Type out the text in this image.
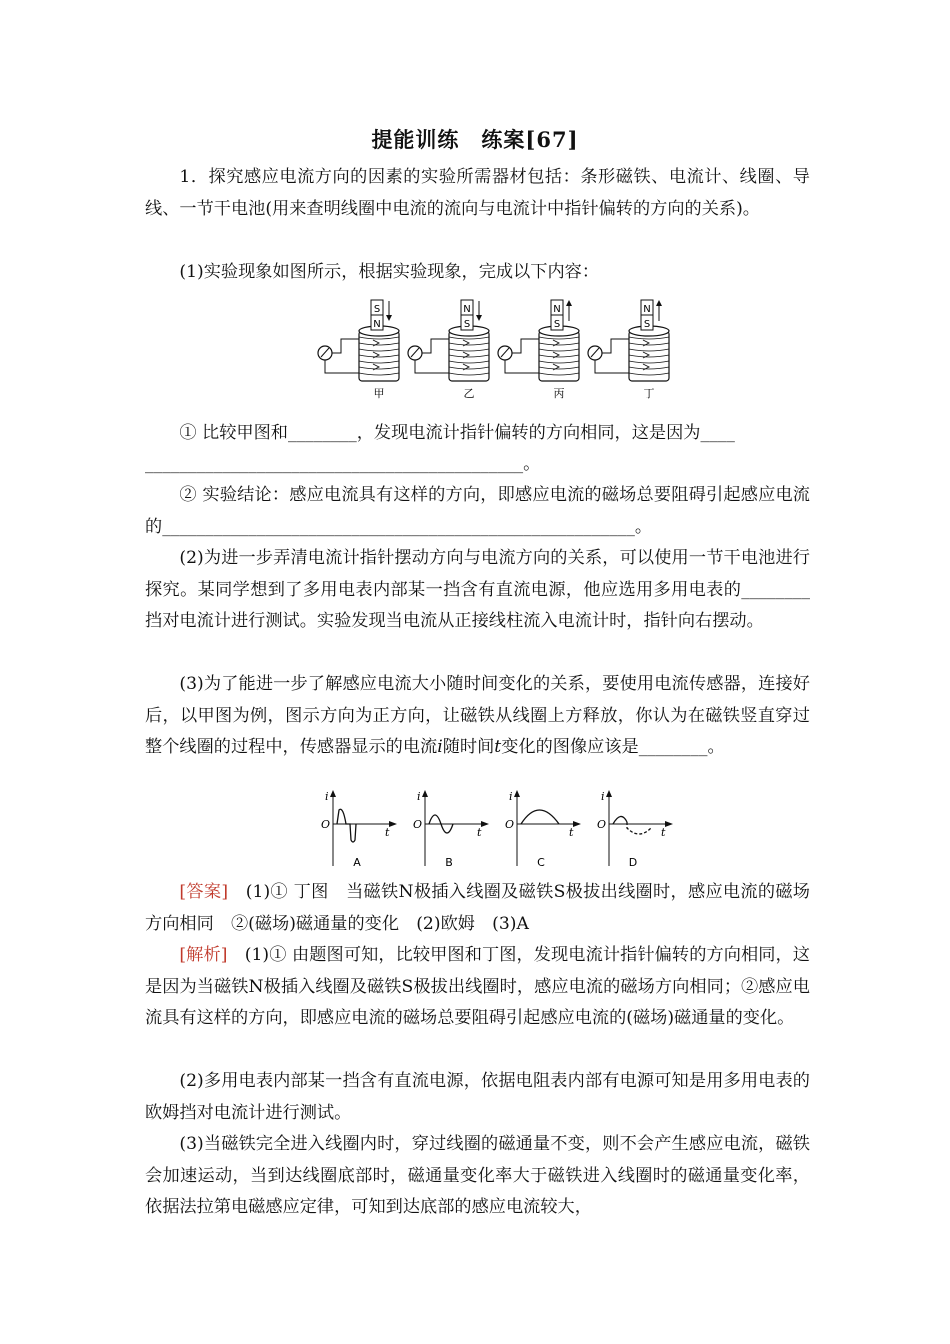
提能训练　练案[67]
1．探究感应电流方向的因素的实验所需器材包括：条形磁铁、电流计、线圈、导线、一节干电池(用来查明线圈中电流的流向与电流计中指针偏转的方向的关系)。
(1)实验现象如图所示，根据实验现象，完成以下内容：
S
N
甲
N
S
乙
N
S
丙
N
S
丁
① 比较甲图和________，发现电流计指针偏转的方向相同，这是因为____
____________________________________________。
② 实验结论：感应电流具有这样的方向，即感应电流的磁场总要阻碍引起感应电流的_______________________________________________________。
(2)为进一步弄清电流计指针摆动方向与电流方向的关系，可以使用一节干电池进行探究。某同学想到了多用电表内部某一挡含有直流电源，他应选用多用电表的________挡对电流计进行测试。实验发现当电流从正接线柱流入电流计时，指针向右摆动。
(3)为了能进一步了解感应电流大小随时间变化的关系，要使用电流传感器，连接好后，以甲图为例，图示方向为正方向，让磁铁从线圈上方释放，你认为在磁铁竖直穿过整个线圈的过程中，传感器显示的电流i随时间t变化的图像应该是________。
i
t
O
A
i
t
O
B
i
t
O
C
i
t
O
D
[答案]　(1)① 丁图　当磁铁N极插入线圈及磁铁S极拔出线圈时，感应电流的磁场方向相同　②(磁场)磁通量的变化　(2)欧姆　(3)A
[解析]　(1)① 由题图可知，比较甲图和丁图，发现电流计指针偏转的方向相同，这是因为当磁铁N极插入线圈及磁铁S极拔出线圈时，感应电流的磁场方向相同；②感应电流具有这样的方向，即感应电流的磁场总要阻碍引起感应电流的(磁场)磁通量的变化。
(2)多用电表内部某一挡含有直流电源，依据电阻表内部有电源可知是用多用电表的欧姆挡对电流计进行测试。
(3)当磁铁完全进入线圈内时，穿过线圈的磁通量不变，则不会产生感应电流，磁铁会加速运动，当到达线圈底部时，磁通量变化率大于磁铁进入线圈时的磁通量变化率，依据法拉第电磁感应定律，可知到达底部的感应电流较大，
